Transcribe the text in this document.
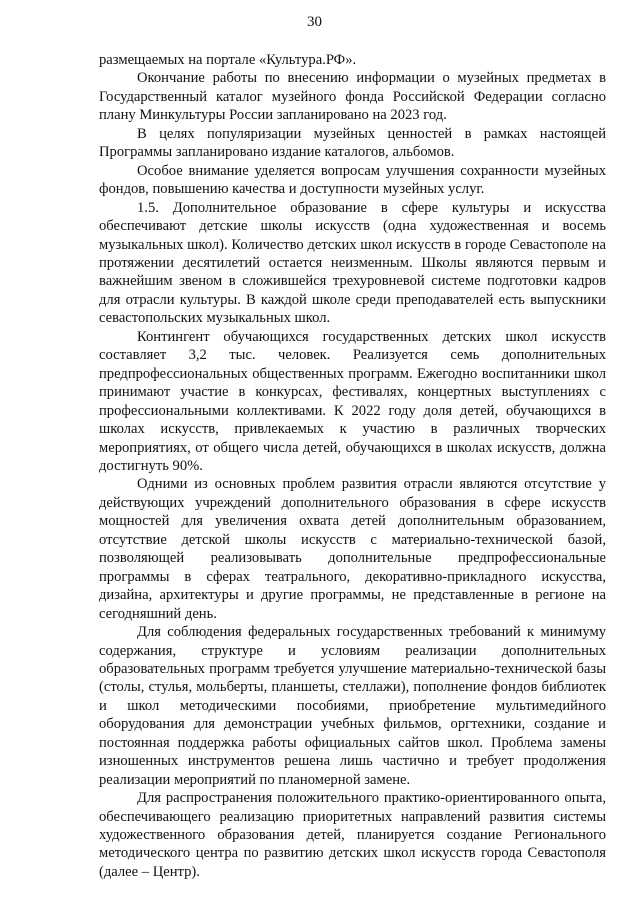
30

размещаемых на портале «Культура.РФ».

Окончание работы по внесению информации о музейных предметах в Государственный каталог музейного фонда Российской Федерации согласно плану Минкультуры России запланировано на 2023 год.

В целях популяризации музейных ценностей в рамках настоящей Программы запланировано издание каталогов, альбомов.

Особое внимание уделяется вопросам улучшения сохранности музейных фондов, повышению качества и доступности музейных услуг.

1.5. Дополнительное образование в сфере культуры и искусства обеспечивают детские школы искусств (одна художественная и восемь музыкальных школ). Количество детских школ искусств в городе Севастополе на протяжении десятилетий остается неизменным. Школы являются первым и важнейшим звеном в сложившейся трехуровневой системе подготовки кадров для отрасли культуры. В каждой школе среди преподавателей есть выпускники севастопольских музыкальных школ.

Контингент обучающихся государственных детских школ искусств составляет 3,2 тыс. человек. Реализуется семь дополнительных предпрофессиональных общественных программ. Ежегодно воспитанники школ принимают участие в конкурсах, фестивалях, концертных выступлениях с профессиональными коллективами. К 2022 году доля детей, обучающихся в школах искусств, привлекаемых к участию в различных творческих мероприятиях, от общего числа детей, обучающихся в школах искусств, должна достигнуть 90%.

Одними из основных проблем развития отрасли являются отсутствие у действующих учреждений дополнительного образования в сфере искусств мощностей для увеличения охвата детей дополнительным образованием, отсутствие детской школы искусств с материально-технической базой, позволяющей реализовывать дополнительные предпрофессиональные программы в сферах театрального, декоративно-прикладного искусства, дизайна, архитектуры и другие программы, не представленные в регионе на сегодняшний день.

Для соблюдения федеральных государственных требований к минимуму содержания, структуре и условиям реализации дополнительных образовательных программ требуется улучшение материально-технической базы (столы, стулья, мольберты, планшеты, стеллажи), пополнение фондов библиотек и школ методическими пособиями, приобретение мультимедийного оборудования для демонстрации учебных фильмов, оргтехники, создание и постоянная поддержка работы официальных сайтов школ. Проблема замены изношенных инструментов решена лишь частично и требует продолжения реализации мероприятий по планомерной замене.

Для распространения положительного практико-ориентированного опыта, обеспечивающего реализацию приоритетных направлений развития системы художественного образования детей, планируется создание Регионального методического центра по развитию детских школ искусств города Севастополя (далее – Центр).
